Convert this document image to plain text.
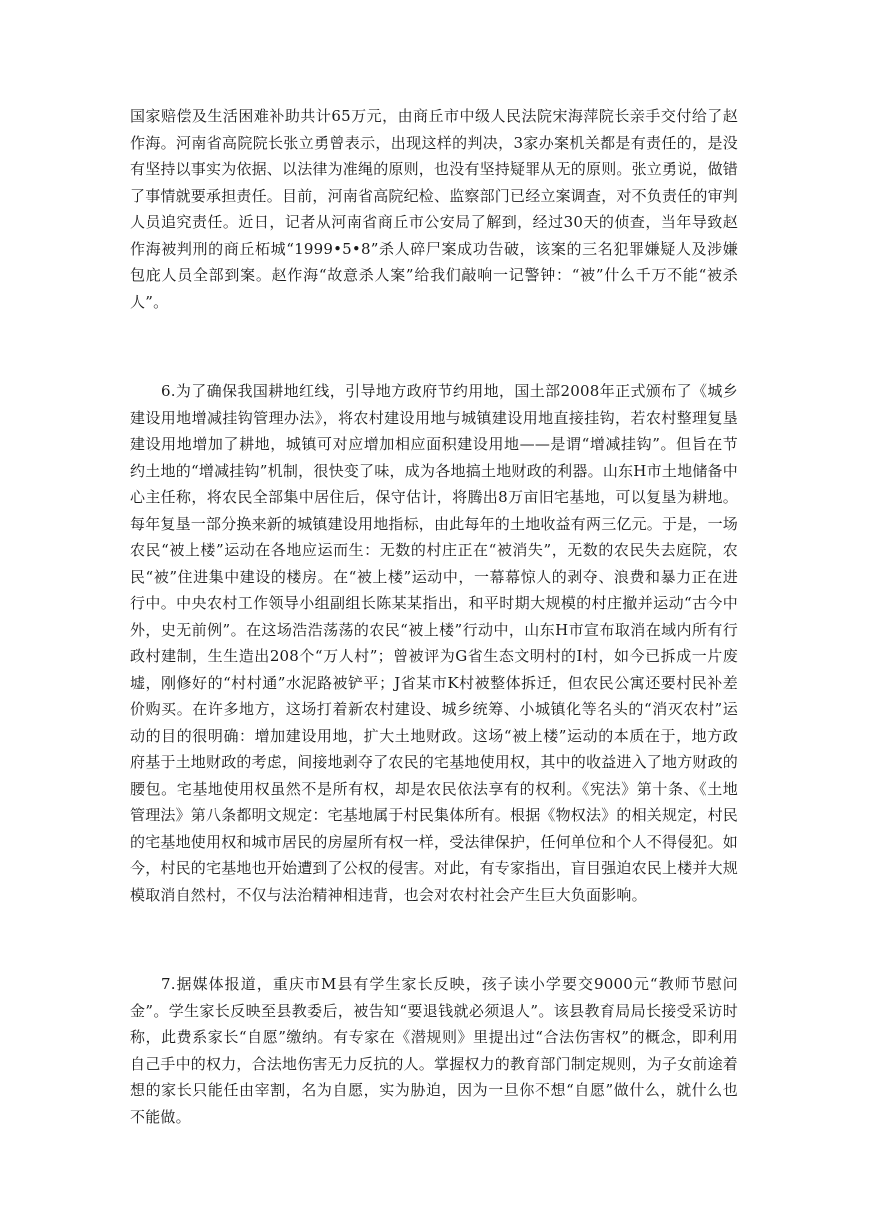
国家赔偿及生活困难补助共计65万元，由商丘市中级人民法院宋海萍院长亲手交付给了赵作海。河南省高院院长张立勇曾表示，出现这样的判决，3家办案机关都是有责任的，是没有坚持以事实为依据、以法律为准绳的原则，也没有坚持疑罪从无的原则。张立勇说，做错了事情就要承担责任。目前，河南省高院纪检、监察部门已经立案调查，对不负责任的审判人员追究责任。近日，记者从河南省商丘市公安局了解到，经过30天的侦查，当年导致赵作海被判刑的商丘柘城“1999•5•8”杀人碎尸案成功告破，该案的三名犯罪嫌疑人及涉嫌包庇人员全部到案。赵作海“故意杀人案”给我们敲响一记警钟：“被”什么千万不能“被杀人”。

6.为了确保我国耕地红线，引导地方政府节约用地，国土部2008年正式颁布了《城乡建设用地增减挂钩管理办法》，将农村建设用地与城镇建设用地直接挂钩，若农村整理复垦建设用地增加了耕地，城镇可对应增加相应面积建设用地——是谓“增减挂钩”。但旨在节约土地的“增减挂钩”机制，很快变了味，成为各地搞土地财政的利器。山东H市土地储备中心主任称，将农民全部集中居住后，保守估计，将腾出8万亩旧宅基地，可以复垦为耕地。每年复垦一部分换来新的城镇建设用地指标，由此每年的土地收益有两三亿元。于是，一场农民“被上楼”运动在各地应运而生：无数的村庄正在“被消失”，无数的农民失去庭院，农民“被”住进集中建设的楼房。在“被上楼”运动中，一幕幕惊人的剥夺、浪费和暴力正在进行中。中央农村工作领导小组副组长陈某某指出，和平时期大规模的村庄撤并运动“古今中外，史无前例”。在这场浩浩荡荡的农民“被上楼”行动中，山东H市宣布取消在域内所有行政村建制，生生造出208个“万人村”；曾被评为G省生态文明村的I村，如今已拆成一片废墟，刚修好的“村村通”水泥路被铲平；J省某市K村被整体拆迁，但农民公寓还要村民补差价购买。在许多地方，这场打着新农村建设、城乡统筹、小城镇化等名头的“消灭农村”运动的目的很明确：增加建设用地，扩大土地财政。这场“被上楼”运动的本质在于，地方政府基于土地财政的考虑，间接地剥夺了农民的宅基地使用权，其中的收益进入了地方财政的腰包。宅基地使用权虽然不是所有权，却是农民依法享有的权利。《宪法》第十条、《土地管理法》第八条都明文规定：宅基地属于村民集体所有。根据《物权法》的相关规定，村民的宅基地使用权和城市居民的房屋所有权一样，受法律保护，任何单位和个人不得侵犯。如今，村民的宅基地也开始遭到了公权的侵害。对此，有专家指出，盲目强迫农民上楼并大规模取消自然村，不仅与法治精神相违背，也会对农村社会产生巨大负面影响。

7.据媒体报道，重庆市M县有学生家长反映，孩子读小学要交9000元“教师节慰问金”。学生家长反映至县教委后，被告知“要退钱就必须退人”。该县教育局局长接受采访时称，此费系家长“自愿”缴纳。有专家在《潜规则》里提出过“合法伤害权”的概念，即利用自己手中的权力，合法地伤害无力反抗的人。掌握权力的教育部门制定规则，为子女前途着想的家长只能任由宰割，名为自愿，实为胁迫，因为一旦你不想“自愿”做什么，就什么也不能做。
